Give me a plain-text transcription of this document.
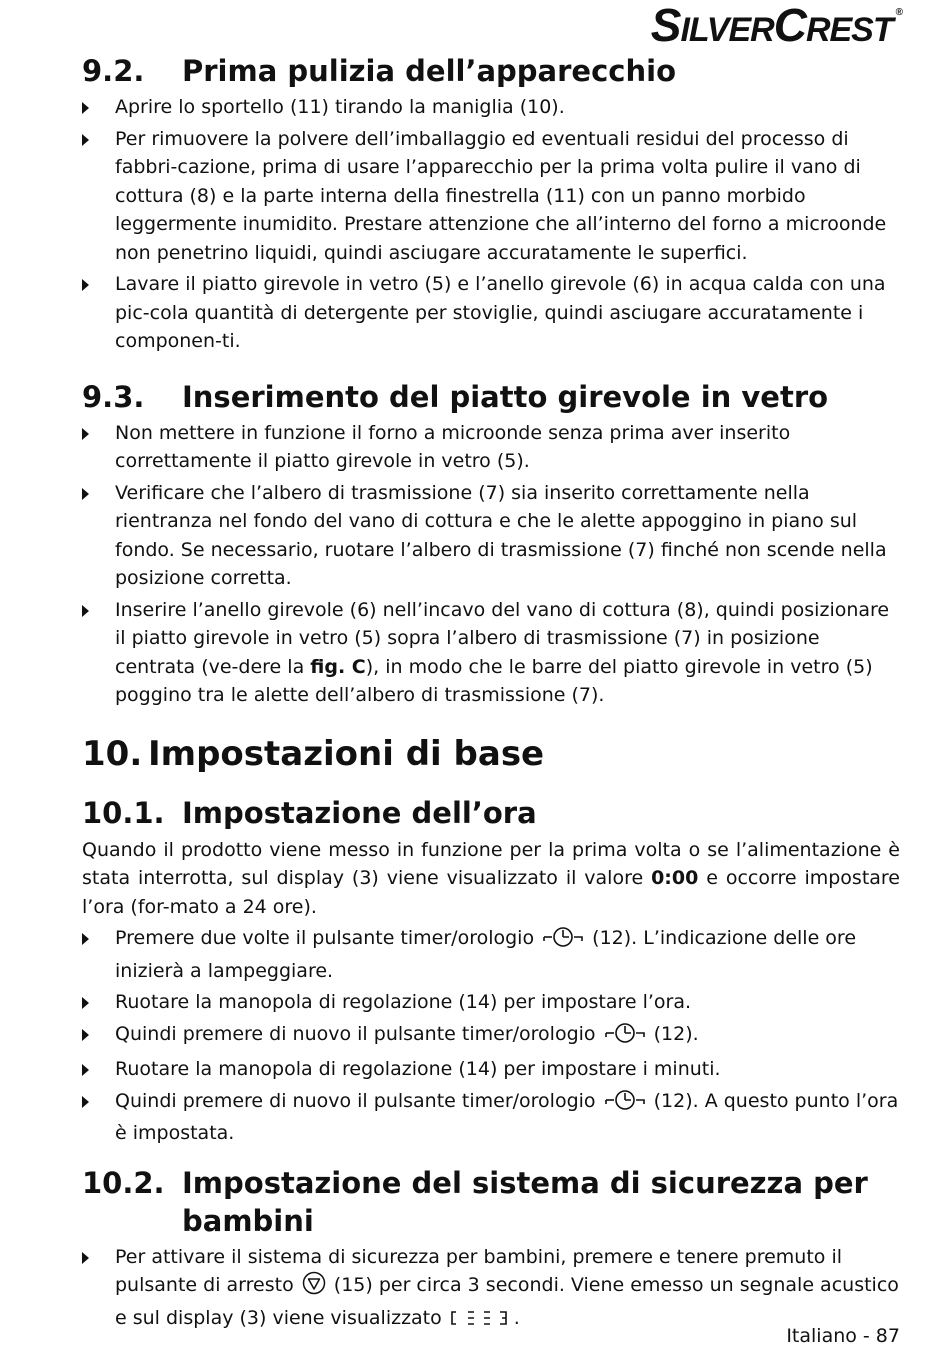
SILVERCREST ®
9.2.	Prima pulizia dell’apparecchio
Aprire lo sportello (11) tirando la maniglia (10).
Per rimuovere la polvere dell’imballaggio ed eventuali residui del processo di fabbri-cazione, prima di usare l’apparecchio per la prima volta pulire il vano di cottura (8) e la parte interna della finestrella (11) con un panno morbido leggermente inumidito. Prestare attenzione che all’interno del forno a microonde non penetrino liquidi, quindi asciugare accuratamente le superfici.
Lavare il piatto girevole in vetro (5) e l’anello girevole (6) in acqua calda con una pic-cola quantità di detergente per stoviglie, quindi asciugare accuratamente i componen-ti.
9.3.	Inserimento del piatto girevole in vetro
Non mettere in funzione il forno a microonde senza prima aver inserito correttamente il piatto girevole in vetro (5).
Verificare che l’albero di trasmissione (7) sia inserito correttamente nella rientranza nel fondo del vano di cottura e che le alette appoggino in piano sul fondo. Se necessario, ruotare l’albero di trasmissione (7) finché non scende nella posizione corretta.
Inserire l’anello girevole (6) nell’incavo del vano di cottura (8), quindi posizionare il piatto girevole in vetro (5) sopra l’albero di trasmissione (7) in posizione centrata (ve-dere la fig. C), in modo che le barre del piatto girevole in vetro (5) poggino tra le alette dell’albero di trasmissione (7).
10. Impostazioni di base
10.1. Impostazione dell’ora

Quando il prodotto viene messo in funzione per la prima volta o se l’alimentazione è stata interrotta, sul display (3) viene visualizzato il valore 0:00 e occorre impostare l’ora (for-mato a 24 ore).

Premere due volte il pulsante timer/orologio  (12). L’indicazione delle ore inizierà a lampeggiare.
Ruotare la manopola di regolazione (14) per impostare l’ora.
Quindi premere di nuovo il pulsante timer/orologio  (12).
Ruotare la manopola di regolazione (14) per impostare i minuti.
Quindi premere di nuovo il pulsante timer/orologio  (12). A questo punto l’ora è impostata.
10.2. Impostazione del sistema di sicurezza per
bambini
Per attivare il sistema di sicurezza per bambini, premere e tenere premuto il pulsante di arresto  (15) per circa 3 secondi. Viene emesso un segnale acustico e sul display (3) viene visualizzato	.
Italiano - 87
